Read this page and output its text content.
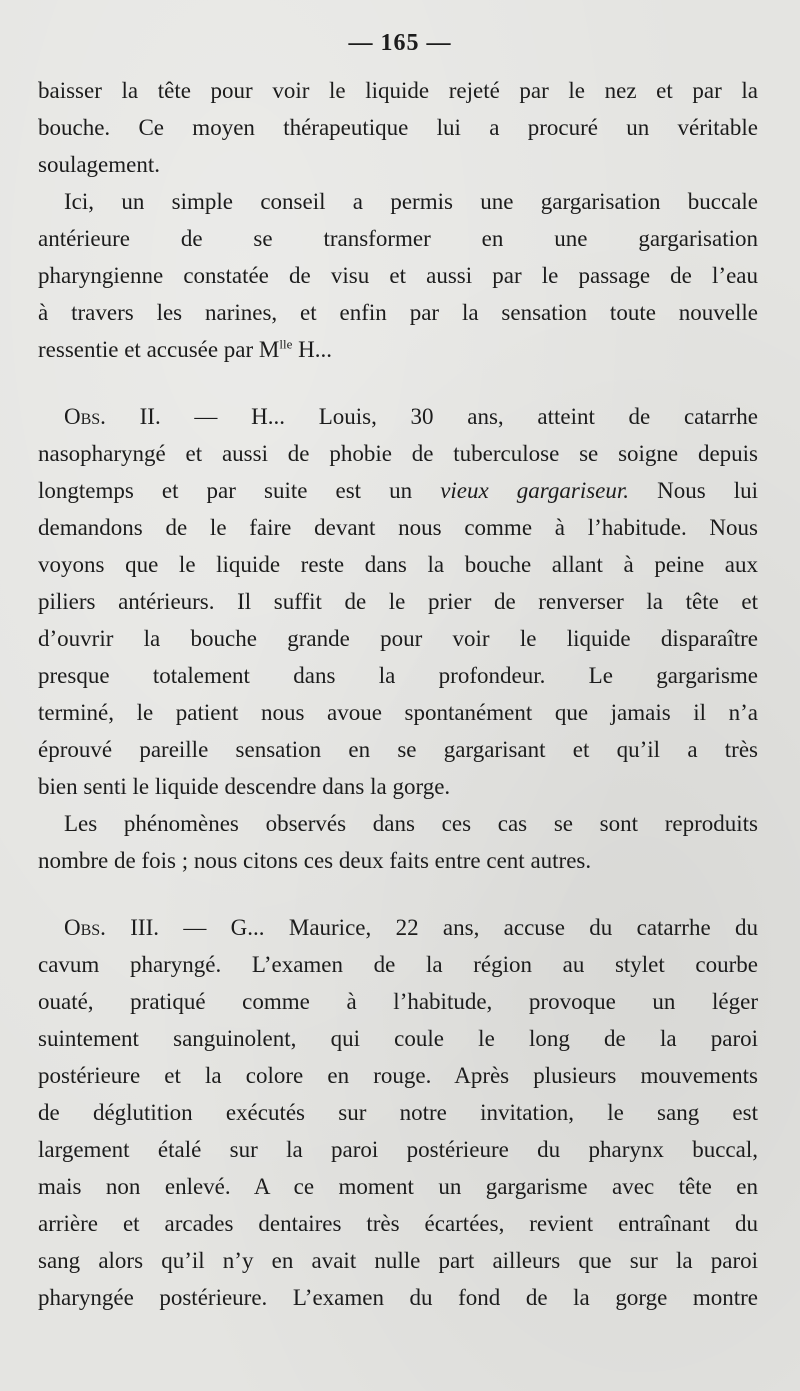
— 165 —
baisser la tête pour voir le liquide rejeté par le nez et par la
bouche. Ce moyen thérapeutique lui a procuré un véritable
soulagement.
Ici, un simple conseil a permis une gargarisation buccale
antérieure de se transformer en une gargarisation
pharyngienne constatée de visu et aussi par le passage de l’eau
à travers les narines, et enfin par la sensation toute nouvelle
ressentie et accusée par $M^{lle}$ H...
Obs. II. — H... Louis, 30 ans, atteint de catarrhe
nasopharyngé et aussi de phobie de tuberculose se soigne depuis
longtemps et par suite est un vieux gargariseur. Nous lui
demandons de le faire devant nous comme à l’habitude. Nous
voyons que le liquide reste dans la bouche allant à peine aux
piliers antérieurs. Il suffit de le prier de renverser la tête et
d’ouvrir la bouche grande pour voir le liquide disparaître
presque totalement dans la profondeur. Le gargarisme
terminé, le patient nous avoue spontanément que jamais il n’a
éprouvé pareille sensation en se gargarisant et qu’il a très
bien senti le liquide descendre dans la gorge.
Les phénomènes observés dans ces cas se sont reproduits
nombre de fois ; nous citons ces deux faits entre cent autres.
Obs. III. — G... Maurice, 22 ans, accuse du catarrhe du
cavum pharyngé. L’examen de la région au stylet courbe
ouaté, pratiqué comme à l’habitude, provoque un léger
suintement sanguinolent, qui coule le long de la paroi
postérieure et la colore en rouge. Après plusieurs mouvements
de déglutition exécutés sur notre invitation, le sang est
largement étalé sur la paroi postérieure du pharynx buccal,
mais non enlevé. A ce moment un gargarisme avec tête en
arrière et arcades dentaires très écartées, revient entraînant du
sang alors qu’il n’y en avait nulle part ailleurs que sur la paroi
pharyngée postérieure. L’examen du fond de la gorge montre
